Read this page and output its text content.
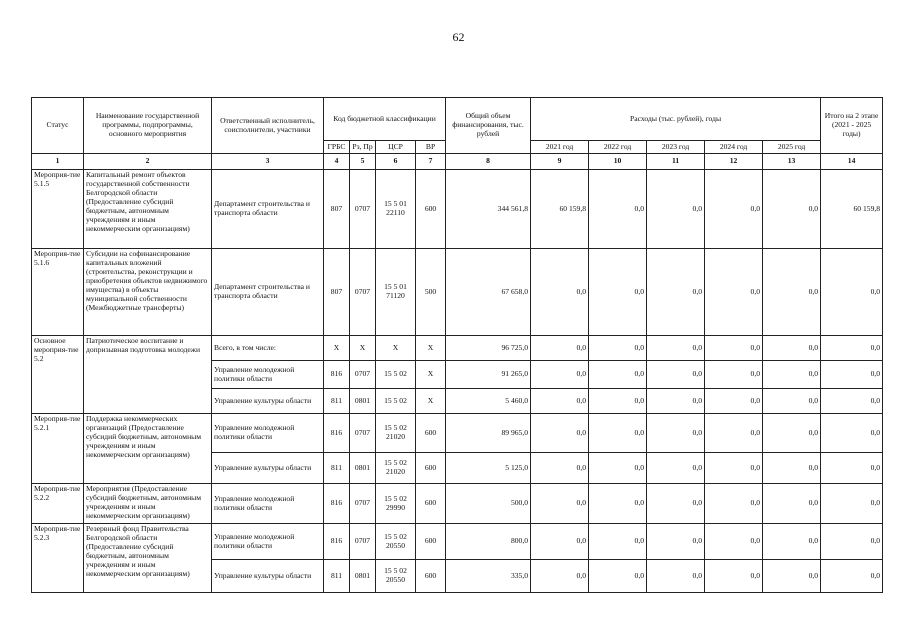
62
Статус	Наименование государственной программы, подпрограммы, основного мероприятия	Ответственный исполнитель, соисполнители, участники	Код бюджетной классификации				Общий объем финансирования, тыс. рублей	Расходы (тыс. рублей), годы					Итого на 2 этапе (2021 - 2025 годы)
			ГРБС	Рз, Пр	ЦСР	ВР		2021 год	2022 год	2023 год	2024 год	2025 год	
1	2	3	4	5	6	7	8	9	10	11	12	13	14
Мероприя-тие 5.1.5	Капитальный ремонт объектов государственной собственности Белгородской области (Предоставление субсидий бюджетным, автономным учреждениям и иным некоммерческим организациям)	Департамент строительства и транспорта области	807	0707	15 5 01 22110	600	344 561,8	60 159,8	0,0	0,0	0,0	0,0	60 159,8
Мероприя-тие 5.1.6	Субсидии на софинансирование капитальных вложений (строительства, реконструкции и приобретения объектов недвижимого имущества) в объекты муниципальной собственности (Межбюджетные трансферты)	Департамент строительства и транспорта области	807	0707	15 5 01 71120	500	67 658,0	0,0	0,0	0,0	0,0	0,0	0,0
Основное мероприя-тие 5.2	Патриотическое воспитание и допризывная подготовка молодежи	Всего, в том числе:	Х	Х	Х	Х	96 725,0	0,0	0,0	0,0	0,0	0,0	0,0
		Управление молодежной политики области	816	0707	15 5 02	Х	91 265,0	0,0	0,0	0,0	0,0	0,0	0,0
		Управление культуры области	811	0801	15 5 02	Х	5 460,0	0,0	0,0	0,0	0,0	0,0	0,0
Мероприя-тие 5.2.1	Поддержка некоммерческих организаций (Предоставление субсидий бюджетным, автономным учреждениям и иным некоммерческим организациям)	Управление молодежной политики области	816	0707	15 5 02 21020	600	89 965,0	0,0	0,0	0,0	0,0	0,0	0,0
		Управление культуры области	811	0801	15 5 02 21020	600	5 125,0	0,0	0,0	0,0	0,0	0,0	0,0
Мероприя-тие 5.2.2	Мероприятия (Предоставление субсидий бюджетным, автономным учреждениям и иным некоммерческим организациям)	Управление молодежной политики области	816	0707	15 5 02 29990	600	500,0	0,0	0,0	0,0	0,0	0,0	0,0
Мероприя-тие 5.2.3	Резервный фонд Правительства Белгородской области (Предоставление субсидий бюджетным, автономным учреждениям и иным некоммерческим организациям)	Управление молодежной политики области	816	0707	15 5 02 20550	600	800,0	0,0	0,0	0,0	0,0	0,0	0,0
		Управление культуры области	811	0801	15 5 02 20550	600	335,0	0,0	0,0	0,0	0,0	0,0	0,0
